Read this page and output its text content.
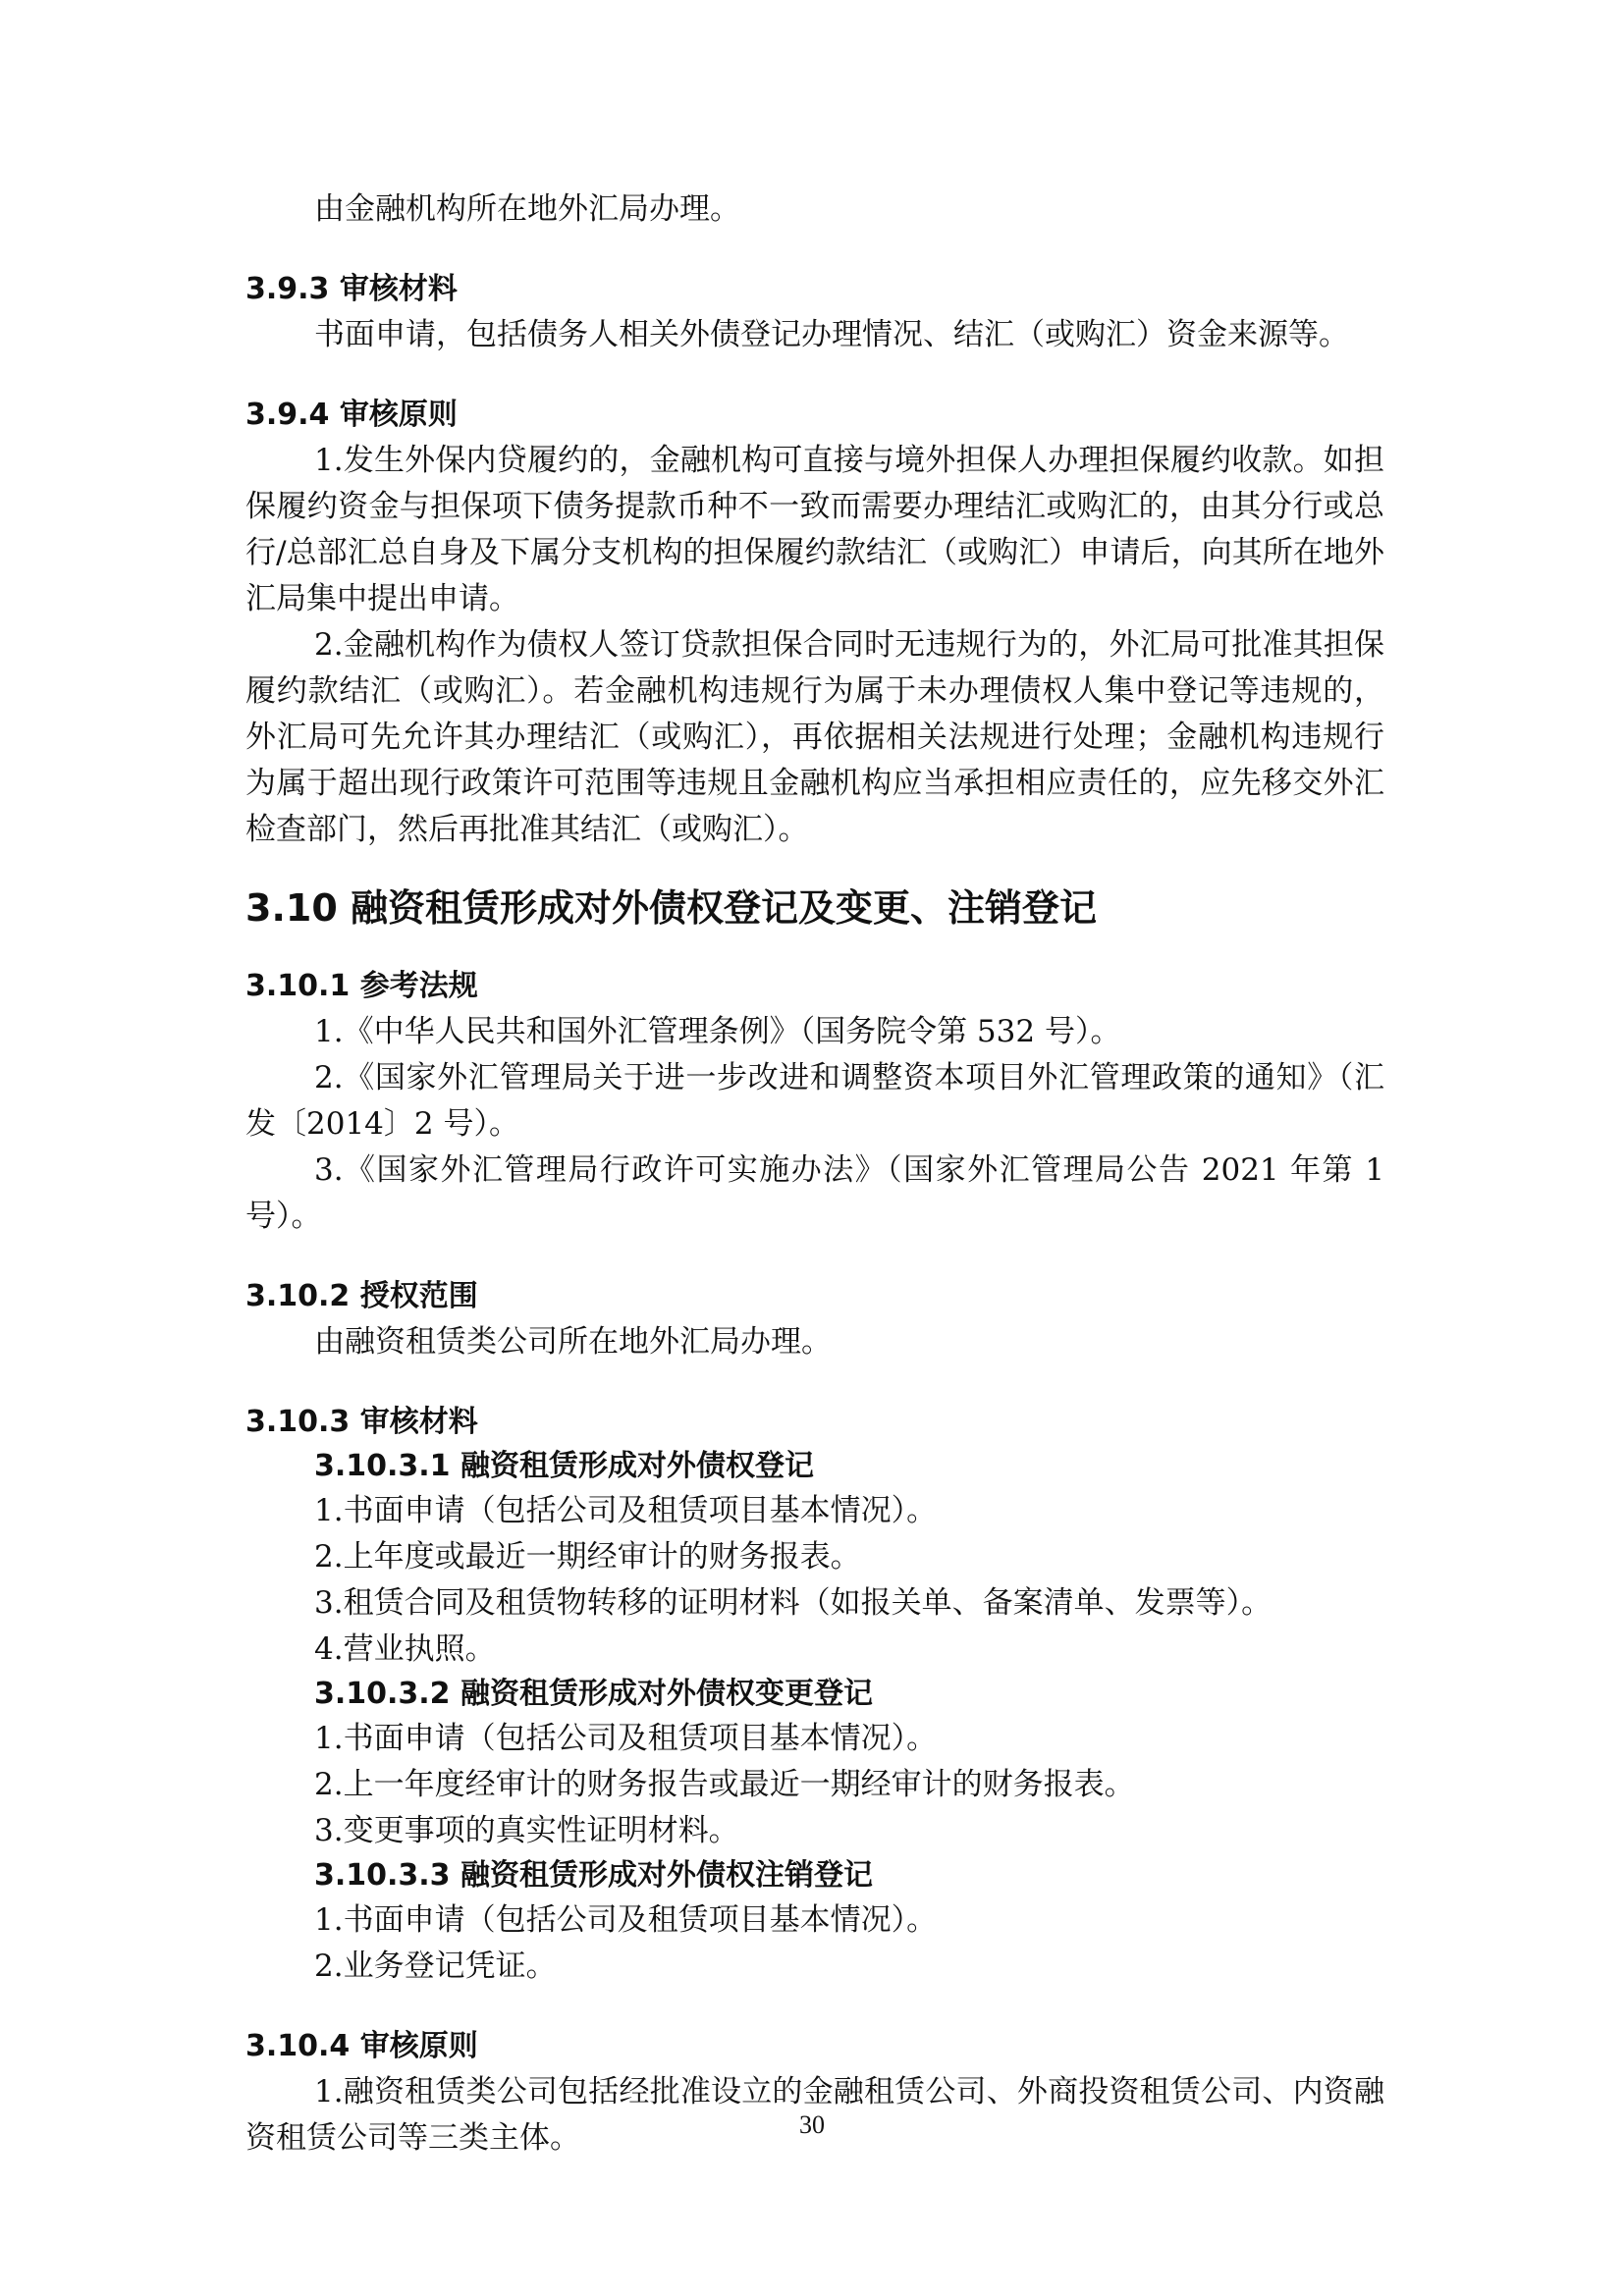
由金融机构所在地外汇局办理。

3.9.3 审核材料

书面申请，包括债务人相关外债登记办理情况、结汇（或购汇）资金来源等。

3.9.4 审核原则

1.发生外保内贷履约的，金融机构可直接与境外担保人办理担保履约收款。如担保履约资金与担保项下债务提款币种不一致而需要办理结汇或购汇的，由其分行或总行/总部汇总自身及下属分支机构的担保履约款结汇（或购汇）申请后，向其所在地外汇局集中提出申请。

2.金融机构作为债权人签订贷款担保合同时无违规行为的，外汇局可批准其担保履约款结汇（或购汇）。若金融机构违规行为属于未办理债权人集中登记等违规的，外汇局可先允许其办理结汇（或购汇），再依据相关法规进行处理；金融机构违规行为属于超出现行政策许可范围等违规且金融机构应当承担相应责任的，应先移交外汇检查部门，然后再批准其结汇（或购汇）。

3.10 融资租赁形成对外债权登记及变更、注销登记
3.10.1 参考法规

1.《中华人民共和国外汇管理条例》（国务院令第 532 号）。

2.《国家外汇管理局关于进一步改进和调整资本项目外汇管理政策的通知》（汇发〔2014〕2 号）。

3.《国家外汇管理局行政许可实施办法》（国家外汇管理局公告 2021 年第 1 号）。

3.10.2 授权范围

由融资租赁类公司所在地外汇局办理。

3.10.3 审核材料
3.10.3.1 融资租赁形成对外债权登记

1.书面申请（包括公司及租赁项目基本情况）。

2.上年度或最近一期经审计的财务报表。

3.租赁合同及租赁物转移的证明材料（如报关单、备案清单、发票等）。

4.营业执照。

3.10.3.2 融资租赁形成对外债权变更登记

1.书面申请（包括公司及租赁项目基本情况）。

2.上一年度经审计的财务报告或最近一期经审计的财务报表。

3.变更事项的真实性证明材料。

3.10.3.3 融资租赁形成对外债权注销登记

1.书面申请（包括公司及租赁项目基本情况）。

2.业务登记凭证。

3.10.4 审核原则

1.融资租赁类公司包括经批准设立的金融租赁公司、外商投资租赁公司、内资融资租赁公司等三类主体。	30
